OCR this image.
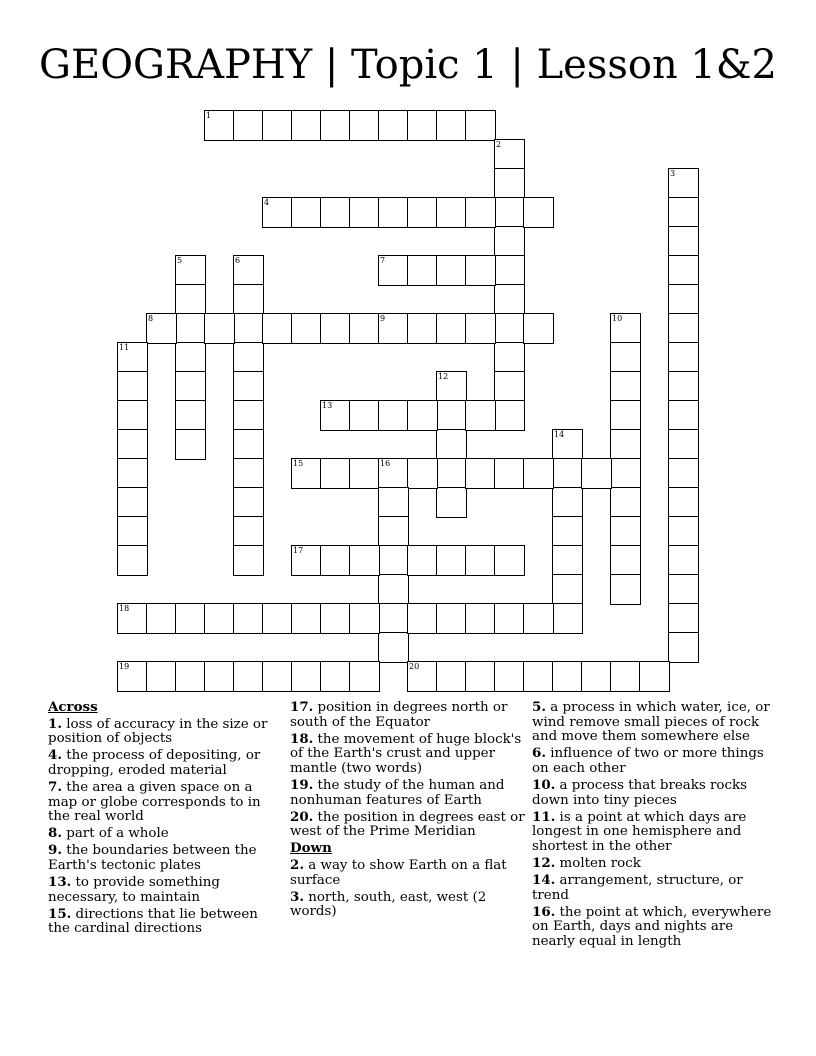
GEOGRAPHY | Topic 1 | Lesson 1&2
1
2
3
4
5	6	7
8	9	10
11
12
13
14
15	16
17
18
19	20
Across
1. loss of accuracy in the size or position of objects
4. the process of depositing, or dropping, eroded material
7. the area a given space on a map or globe corresponds to in the real world
8. part of a whole
9. the boundaries between the Earth's tectonic plates
13. to provide something necessary, to maintain
15. directions that lie between the cardinal directions
17. position in degrees north or south of the Equator
18. the movement of huge block's of the Earth's crust and upper mantle (two words)
19. the study of the human and nonhuman features of Earth
20. the position in degrees east or west of the Prime Meridian
Down
2. a way to show Earth on a flat surface
3. north, south, east, west (2 words)
5. a process in which water, ice, or wind remove small pieces of rock and move them somewhere else
6. influence of two or more things on each other
10. a process that breaks rocks down into tiny pieces
11. is a point at which days are longest in one hemisphere and shortest in the other
12. molten rock
14. arrangement, structure, or trend
16. the point at which, everywhere on Earth, days and nights are nearly equal in length
